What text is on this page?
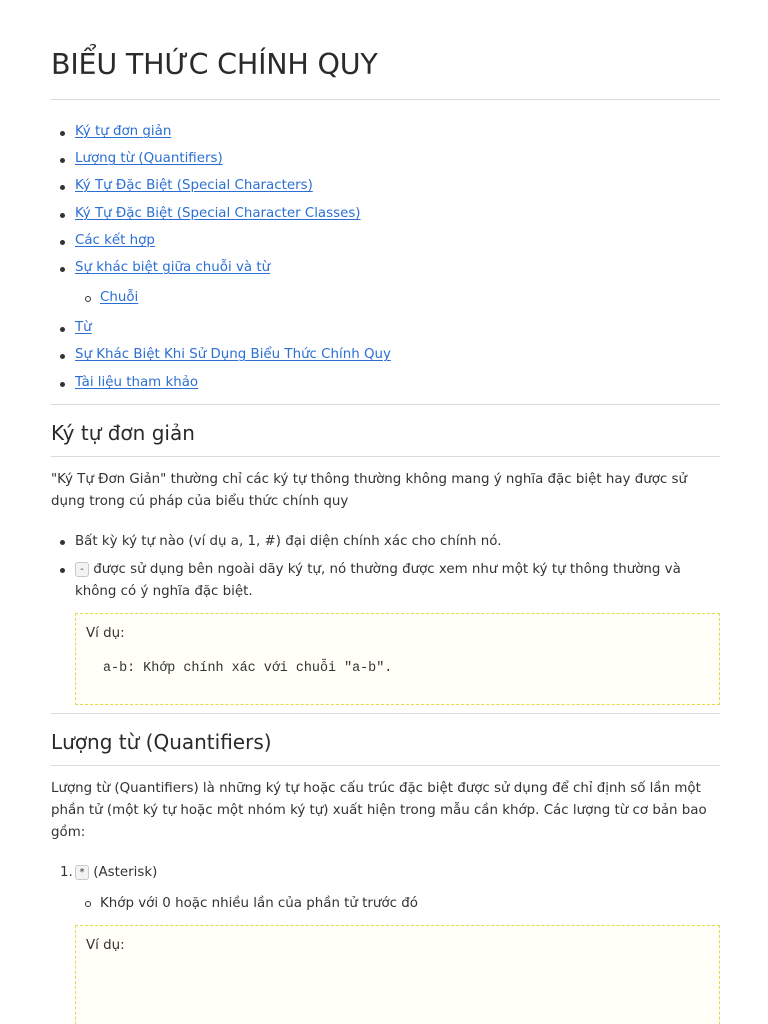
BIỂU THỨC CHÍNH QUY
Ký tự đơn giản
Lượng từ (Quantifiers)
Ký Tự Đặc Biệt (Special Characters)
Ký Tự Đặc Biệt (Special Character Classes)
Các kết hợp
Sự khác biệt giữa chuỗi và từ
Chuỗi
Từ
Sự Khác Biệt Khi Sử Dụng Biểu Thức Chính Quy
Tài liệu tham khảo
Ký tự đơn giản

"Ký Tự Đơn Giản" thường chỉ các ký tự thông thường không mang ý nghĩa đặc biệt hay được sử

dụng trong cú pháp của biểu thức chính quy

Bất kỳ ký tự nào (ví dụ a, 1, #) đại diện chính xác cho chính nó.
- được sử dụng bên ngoài dãy ký tự, nó thường được xem như một ký tự thông thường và
không có ý nghĩa đặc biệt.
Ví dụ:
a-b: Khớp chính xác với chuỗi "a-b".
Lượng từ (Quantifiers)

Lượng từ (Quantifiers) là những ký tự hoặc cấu trúc đặc biệt được sử dụng để chỉ định số lần một

phần tử (một ký tự hoặc một nhóm ký tự) xuất hiện trong mẫu cần khớp. Các lượng từ cơ bản bao

gồm:

1. * (Asterisk)
Khớp với 0 hoặc nhiều lần của phần tử trước đó
Ví dụ:
